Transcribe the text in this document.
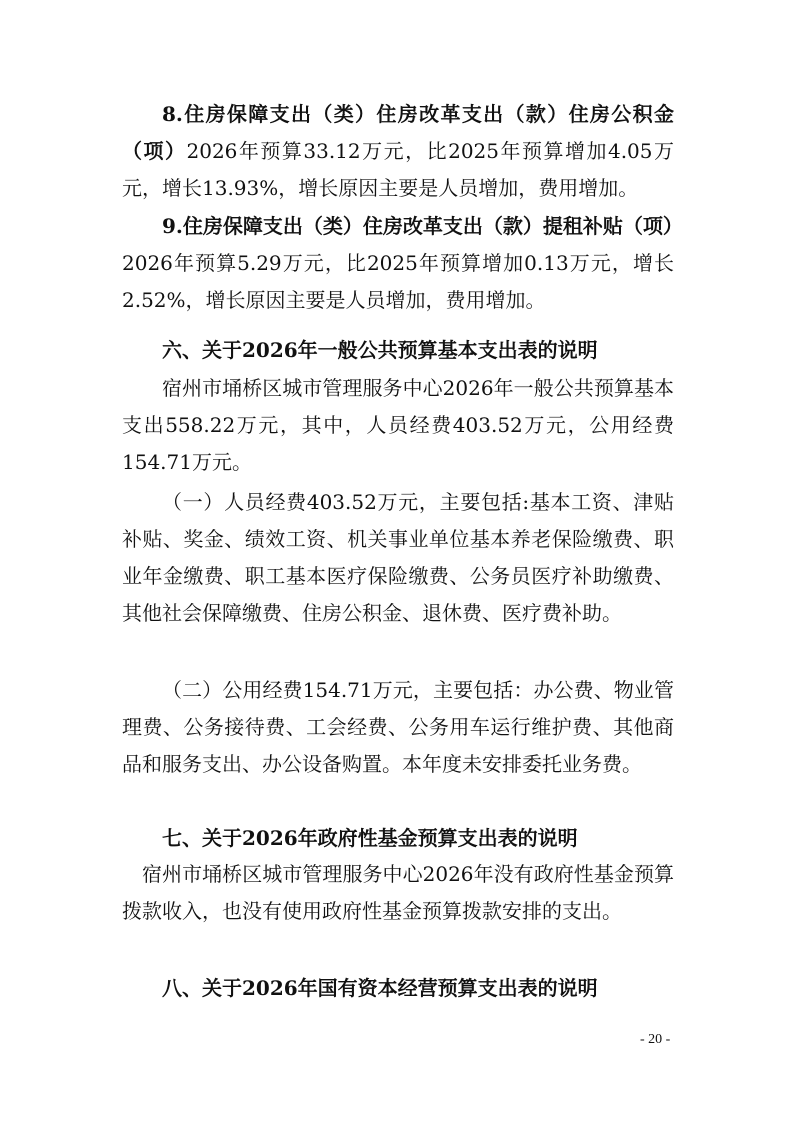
8.住房保障支出（类）住房改革支出（款）住房公积金（项）2026年预算33.12万元，比2025年预算增加4.05万元，增长13.93%，增长原因主要是人员增加，费用增加。

9.住房保障支出（类）住房改革支出（款）提租补贴（项）2026年预算5.29万元，比2025年预算增加0.13万元，增长2.52%，增长原因主要是人员增加，费用增加。

六、关于2026年一般公共预算基本支出表的说明

宿州市埇桥区城市管理服务中心2026年一般公共预算基本支出558.22万元，其中，人员经费403.52万元，公用经费154.71万元。

（一）人员经费403.52万元，主要包括:基本工资、津贴补贴、奖金、绩效工资、机关事业单位基本养老保险缴费、职业年金缴费、职工基本医疗保险缴费、公务员医疗补助缴费、其他社会保障缴费、住房公积金、退休费、医疗费补助。

（二）公用经费154.71万元，主要包括：办公费、物业管理费、公务接待费、工会经费、公务用车运行维护费、其他商品和服务支出、办公设备购置。本年度未安排委托业务费。

七、关于2026年政府性基金预算支出表的说明

宿州市埇桥区城市管理服务中心2026年没有政府性基金预算拨款收入，也没有使用政府性基金预算拨款安排的支出。

八、关于2026年国有资本经营预算支出表的说明

- 20 -
